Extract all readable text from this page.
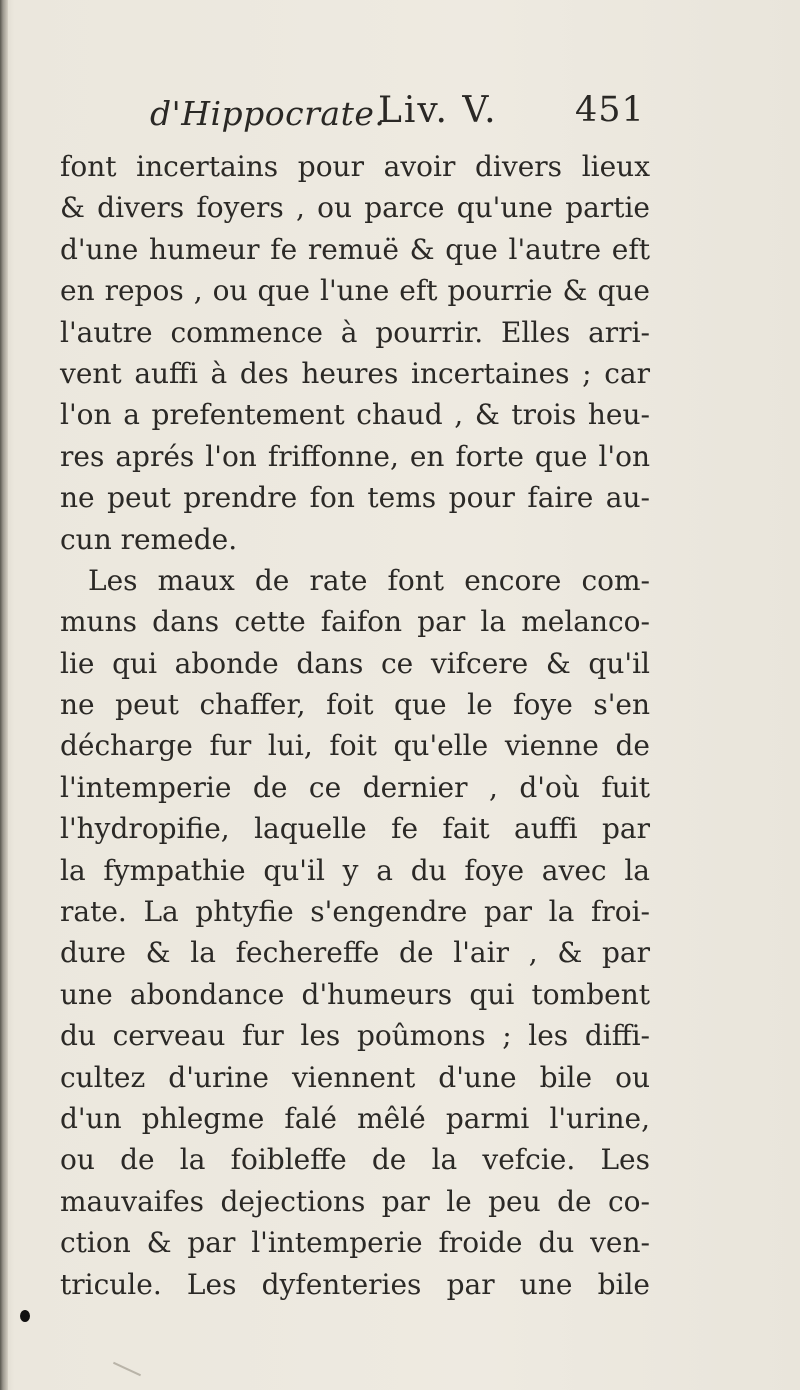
d'Hippocrate.
Liv. V. 451
font incertains pour avoir divers lieux
& divers foyers , ou parce qu'une partie
d'une humeur fe remuë & que l'autre eft
en repos , ou que l'une eft pourrie & que
l'autre commence à pourrir. Elles arri-
vent auffi à des heures incertaines ; car
l'on a prefentement chaud , & trois heu-
res aprés l'on friffonne, en forte que l'on
ne peut prendre fon tems pour faire au-
cun remede.
Les maux de rate font encore com-
muns dans cette faifon par la melanco-
lie qui abonde dans ce vifcere & qu'il
ne peut chaffer, foit que le foye s'en
décharge fur lui, foit qu'elle vienne de
l'intemperie de ce dernier , d'où fuit
l'hydropifie, laquelle fe fait auffi par
la fympathie qu'il y a du foye avec la
rate. La phtyfie s'engendre par la froi-
dure & la fechereffe de l'air , & par
une abondance d'humeurs qui tombent
du cerveau fur les poûmons ; les diffi-
cultez d'urine viennent d'une bile ou
d'un phlegme falé mêlé parmi l'urine,
ou de la foibleffe de la vefcie. Les
mauvaifes dejections par le peu de co-
ction & par l'intemperie froide du ven-
tricule. Les dyfenteries par une bile
